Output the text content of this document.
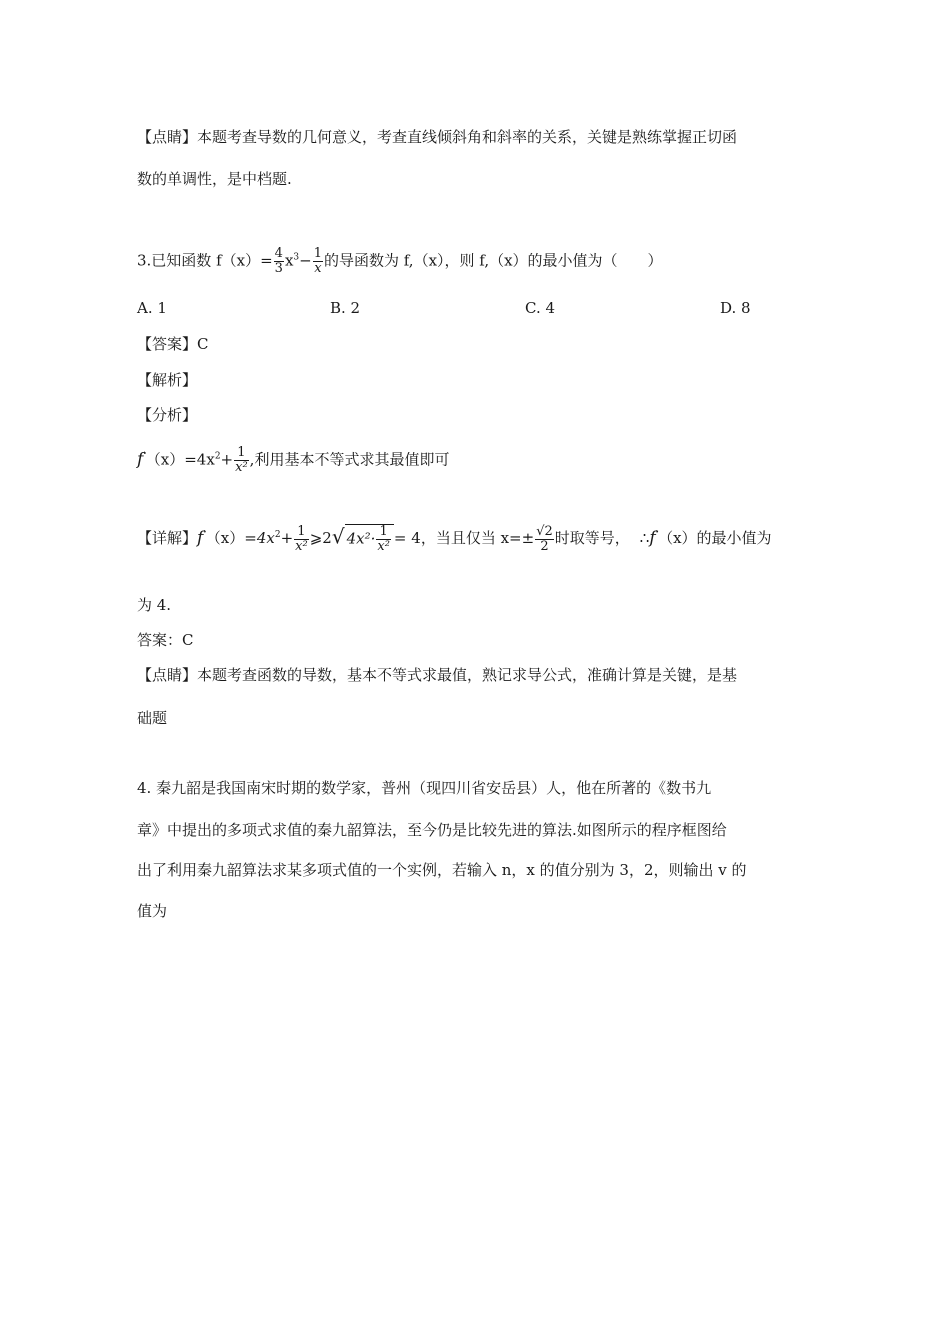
【点睛】本题考查导数的几何意义，考查直线倾斜角和斜率的关系，关键是熟练掌握正切函
数的单调性，是中档题.
3.已知函数 $f(x)= \frac{4}{3} x^3- \frac{1}{x}$ 的导函数为 f,（x），则 f,（x）的最小值为（　　）
A. 1	B. 2	C. 4	D. 8
【答案】C
【解析】
【分析】
$f'(x)=4x^2+ \frac{1}{\text{x²}}$ ,利用基本不等式求其最值即可
【详解】$f'(x)=4x^2+ \frac{1}{\text{x²}}$ ⩾2√ $4x^2\cdot \frac{1}{\text{x²}} = 4$，当且仅当 $x=\pm \frac{√2}{2}$ 时取等号， ∴f'（x）的最小值为
为 4.
答案：C
【点睛】本题考查函数的导数，基本不等式求最值，熟记求导公式，准确计算是关键，是基
础题
4. 秦九韶是我国南宋时期的数学家，普州（现四川省安岳县）人，他在所著的《数书九
章》中提出的多项式求值的秦九韶算法，至今仍是比较先进的算法.如图所示的程序框图给
出了利用秦九韶算法求某多项式值的一个实例，若输入 n，x 的值分别为 3，2，则输出 v 的
值为
